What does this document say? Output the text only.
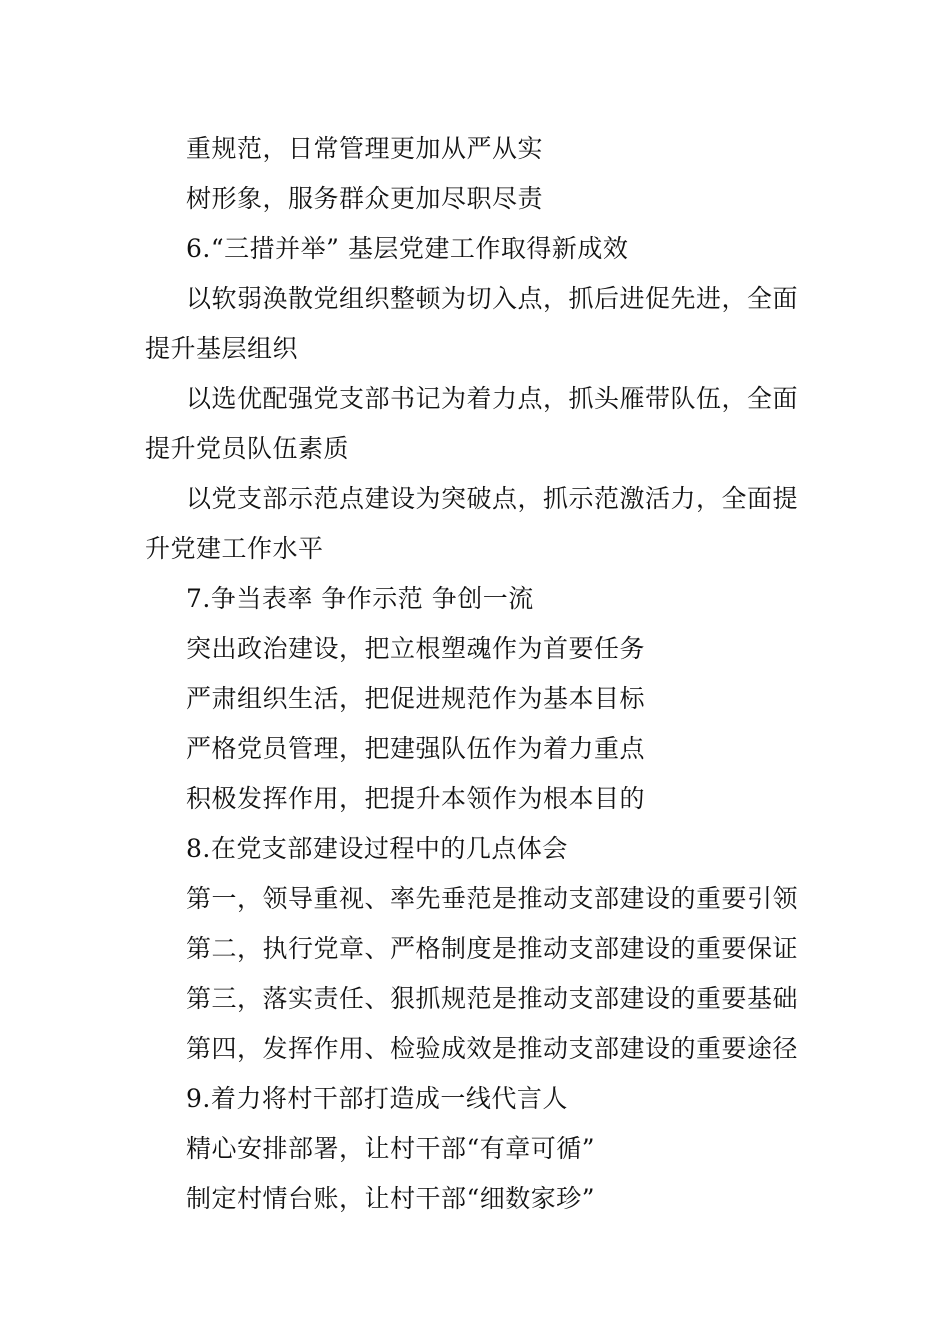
重规范，日常管理更加从严从实

树形象，服务群众更加尽职尽责

6.“三措并举” 基层党建工作取得新成效

以软弱涣散党组织整顿为切入点，抓后进促先进，全面提升基层组织

以选优配强党支部书记为着力点，抓头雁带队伍，全面提升党员队伍素质

以党支部示范点建设为突破点，抓示范激活力，全面提升党建工作水平

7.争当表率 争作示范 争创一流

突出政治建设，把立根塑魂作为首要任务

严肃组织生活，把促进规范作为基本目标

严格党员管理，把建强队伍作为着力重点

积极发挥作用，把提升本领作为根本目的

8.在党支部建设过程中的几点体会

第一，领导重视、率先垂范是推动支部建设的重要引领

第二，执行党章、严格制度是推动支部建设的重要保证

第三，落实责任、狠抓规范是推动支部建设的重要基础

第四，发挥作用、检验成效是推动支部建设的重要途径

9.着力将村干部打造成一线代言人

精心安排部署，让村干部“有章可循”

制定村情台账，让村干部“细数家珍”
